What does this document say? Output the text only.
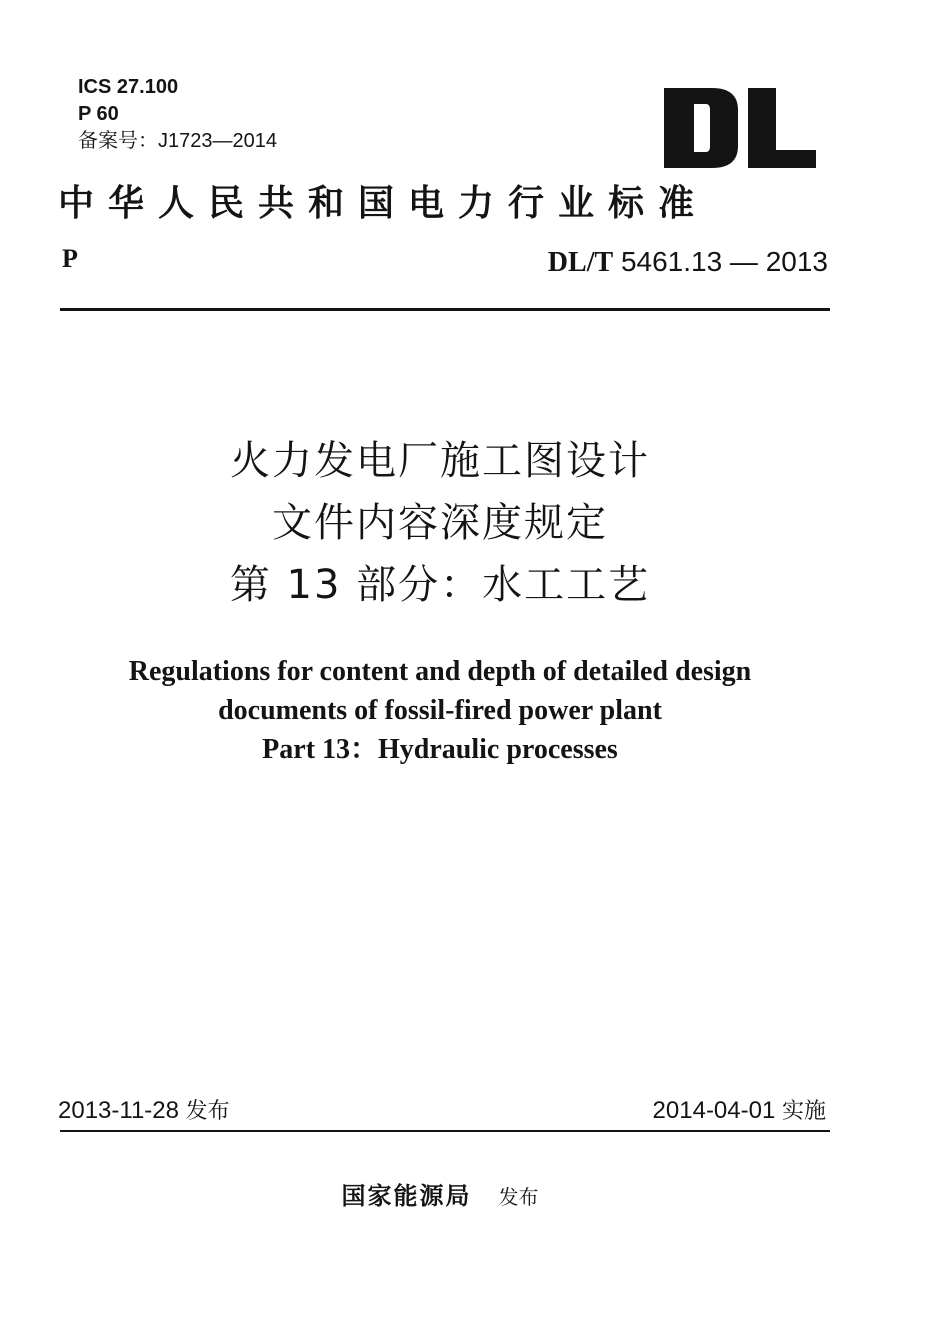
ICS 27.100
P 60
备案号：J1723—2014
中华人民共和国电力行业标准
P	DL/T 5461.13 — 2013
火力发电厂施工图设计
文件内容深度规定
第 13 部分：水工工艺
Regulations for content and depth of detailed design
documents of fossil-fired power plant
Part 13：Hydraulic processes
2013-11-28 发布	2014-04-01 实施
国家能源局 发布
